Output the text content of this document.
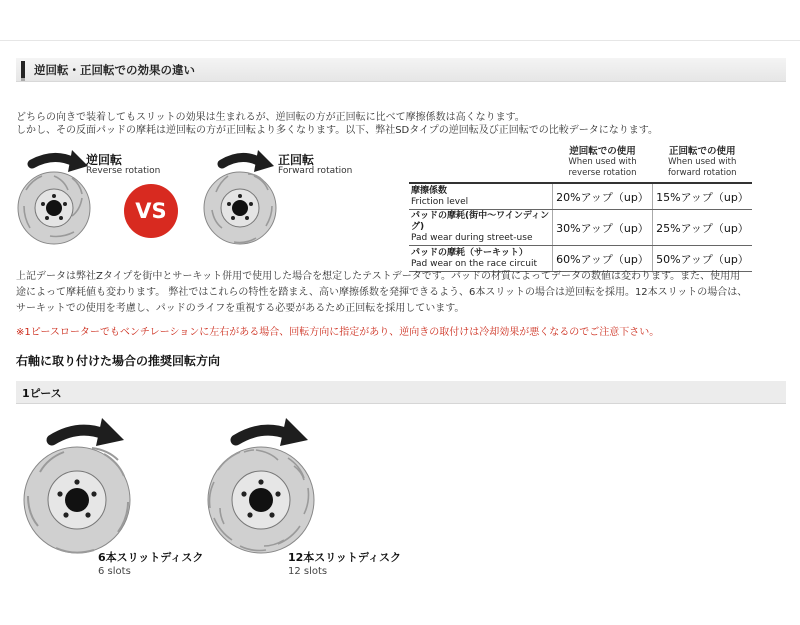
逆回転・正回転での効果の違い
どちらの向きで装着してもスリットの効果は生まれるが、逆回転の方が正回転に比べて摩擦係数は高くなります。
しかし、その反面パッドの摩耗は逆回転の方が正回転より多くなります。以下、弊社SDタイプの逆回転及び正回転での比較データになります。
逆回転
Reverse rotation
VS
正回転
Forward rotation

	逆回転での使用
When used with
reverse rotation	正回転での使用
When used with
forward rotation

摩擦係数
Friction level	20%アップ（up）	15%アップ（up）

パッドの摩耗(街中～ワインディング)
Pad wear during street-use	30%アップ（up）	25%アップ（up）

パッドの摩耗（サーキット）
Pad wear on the race circuit	60%アップ（up）	50%アップ（up）
上記データは弊社Zタイプを街中とサーキット併用で使用した場合を想定したテストデータです。パッドの材質によってデータの数値は変わります。また、使用用
途によって摩耗値も変わります。 弊社ではこれらの特性を踏まえ、高い摩擦係数を発揮できるよう、6本スリットの場合は逆回転を採用。12本スリットの場合は、
サーキットでの使用を考慮し、パッドのライフを重視する必要があるため正回転を採用しています。
※1ピースローターでもベンチレーションに左右がある場合、回転方向に指定があり、逆向きの取付けは冷却効果が悪くなるのでご注意下さい。
右軸に取り付けた場合の推奨回転方向
1ピース
6本スリットディスク
6 slots
12本スリットディスク
12 slots
